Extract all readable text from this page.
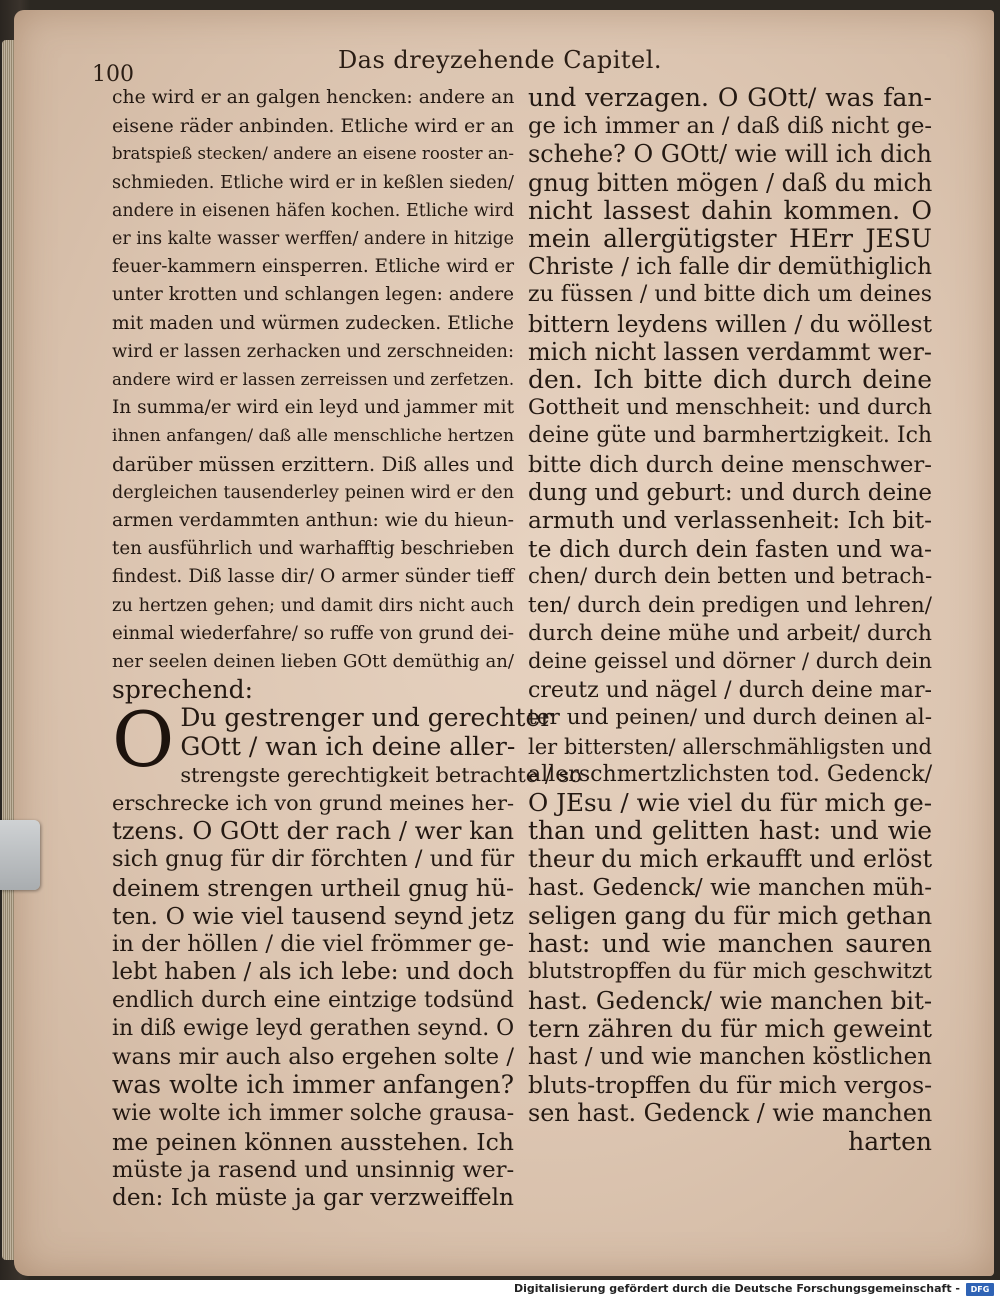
Das dreyzehende Capitel.
100
che wird er an galgen hencken: andere an
eisene räder anbinden. Etliche wird er an
bratspieß stecken/ andere an eisene rooster an-
schmieden. Etliche wird er in keßlen sieden/
andere in eisenen häfen kochen. Etliche wird
er ins kalte wasser werffen/ andere in hitzige
feuer-kammern einsperren. Etliche wird er
unter krotten und schlangen legen: andere
mit maden und würmen zudecken. Etliche
wird er lassen zerhacken und zerschneiden:
andere wird er lassen zerreissen und zerfetzen.
In summa/er wird ein leyd und jammer mit
ihnen anfangen/ daß alle menschliche hertzen
darüber müssen erzittern. Diß alles und
dergleichen tausenderley peinen wird er den
armen verdammten anthun: wie du hieun-
ten ausführlich und warhafftig beschrieben
findest. Diß lasse dir/ O armer sünder tieff
zu hertzen gehen; und damit dirs nicht auch
einmal wiederfahre/ so ruffe von grund dei-
ner seelen deinen lieben GOtt demüthig an/
sprechend:
O Du gestrenger und gerechter
GOtt / wan ich deine aller-
strengste gerechtigkeit betrachte / so
erschrecke ich von grund meines her-
tzens. O GOtt der rach / wer kan
sich gnug für dir förchten / und für
deinem strengen urtheil gnug hü-
ten. O wie viel tausend seynd jetz
in der höllen / die viel frömmer ge-
lebt haben / als ich lebe: und doch
endlich durch eine eintzige todsünd
in diß ewige leyd gerathen seynd. O
wans mir auch also ergehen solte /
was wolte ich immer anfangen?
wie wolte ich immer solche grausa-
me peinen können ausstehen. Ich
müste ja rasend und unsinnig wer-
den: Ich müste ja gar verzweiffeln
und verzagen. O GOtt/ was fan-
ge ich immer an / daß diß nicht ge-
schehe? O GOtt/ wie will ich dich
gnug bitten mögen / daß du mich
nicht lassest dahin kommen. O
mein allergütigster HErr JESU
Christe / ich falle dir demüthiglich
zu füssen / und bitte dich um deines
bittern leydens willen / du wöllest
mich nicht lassen verdammt wer-
den. Ich bitte dich durch deine
Gottheit und menschheit: und durch
deine güte und barmhertzigkeit. Ich
bitte dich durch deine menschwer-
dung und geburt: und durch deine
armuth und verlassenheit: Ich bit-
te dich durch dein fasten und wa-
chen/ durch dein betten und betrach-
ten/ durch dein predigen und lehren/
durch deine mühe und arbeit/ durch
deine geissel und dörner / durch dein
creutz und nägel / durch deine mar-
ter und peinen/ und durch deinen al-
ler bittersten/ allerschmähligsten und
allerschmertzlichsten tod. Gedenck/
O JEsu / wie viel du für mich ge-
than und gelitten hast: und wie
theur du mich erkaufft und erlöst
hast. Gedenck/ wie manchen müh-
seligen gang du für mich gethan
hast: und wie manchen sauren
blutstropffen du für mich geschwitzt
hast. Gedenck/ wie manchen bit-
tern zähren du für mich geweint
hast / und wie manchen köstlichen
bluts-tropffen du für mich vergos-
sen hast. Gedenck / wie manchen
harten
Digitalisierung gefördert durch die Deutsche Forschungsgemeinschaft -	DFG
